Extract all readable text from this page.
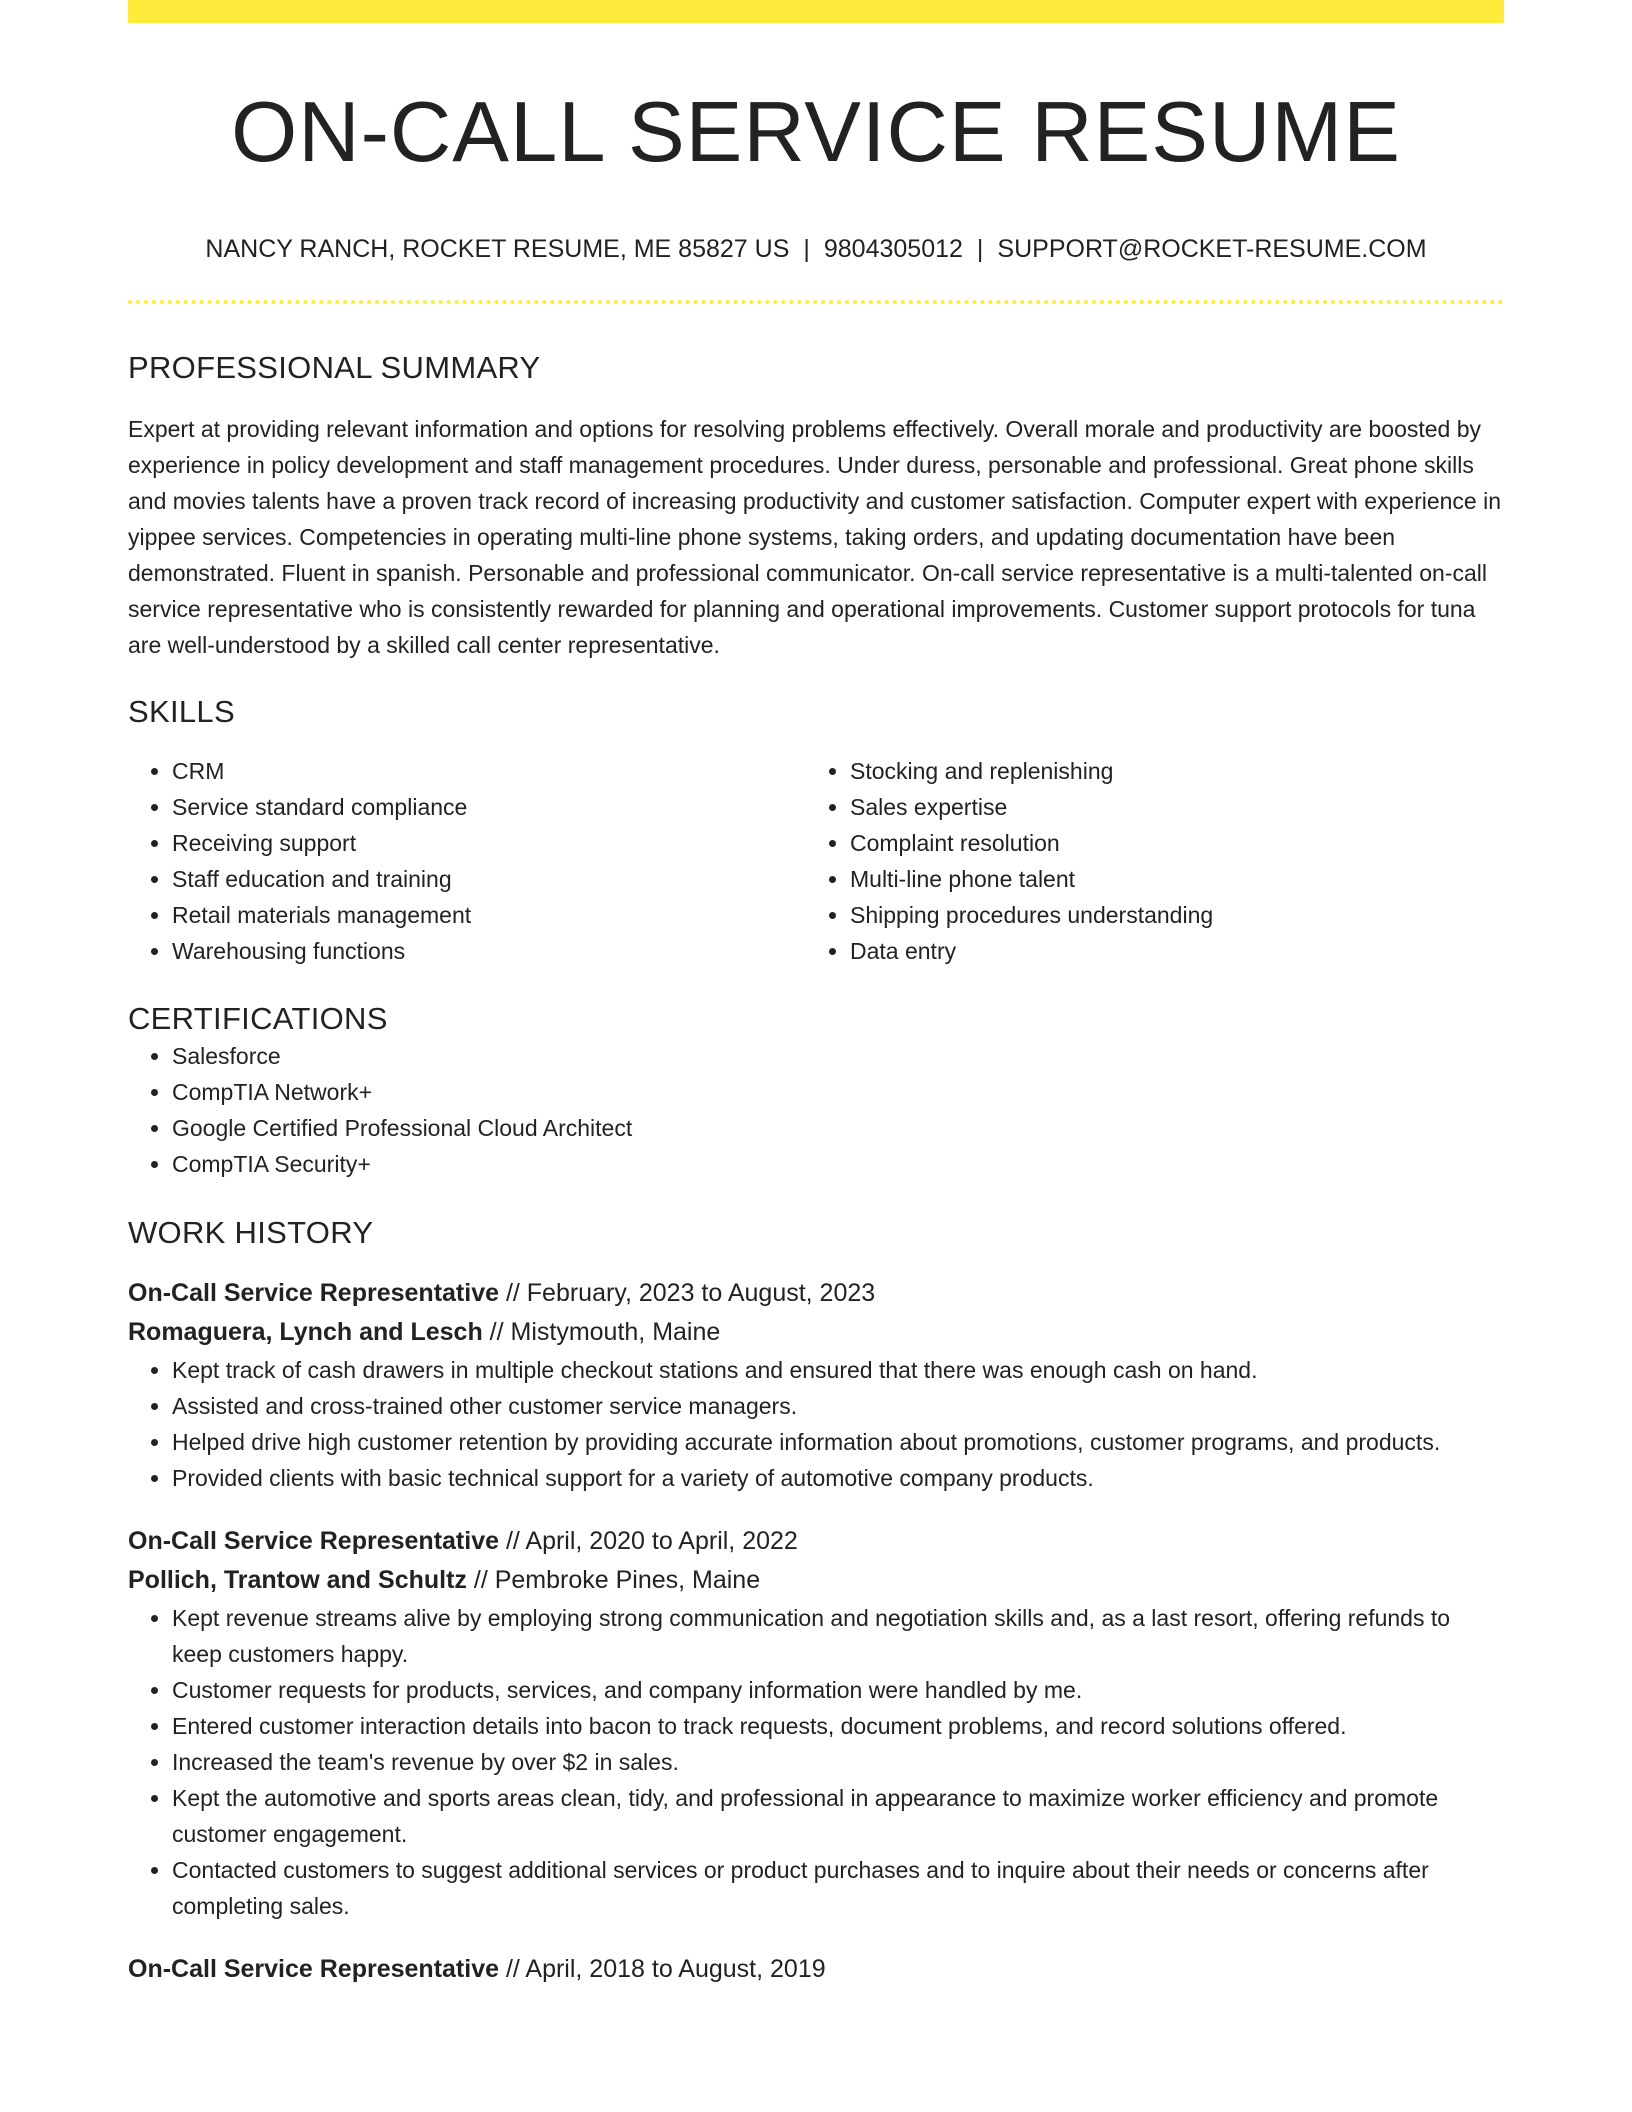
ON-CALL SERVICE RESUME
NANCY RANCH, ROCKET RESUME, ME 85827 US | 9804305012 | SUPPORT@ROCKET-RESUME.COM
PROFESSIONAL SUMMARY

Expert at providing relevant information and options for resolving problems effectively. Overall morale and productivity are boosted by experience in policy development and staff management procedures. Under duress, personable and professional. Great phone skills and movies talents have a proven track record of increasing productivity and customer satisfaction. Computer expert with experience in yippee services. Competencies in operating multi-line phone systems, taking orders, and updating documentation have been demonstrated. Fluent in spanish. Personable and professional communicator. On-call service representative is a multi-talented on-call service representative who is consistently rewarded for planning and operational improvements. Customer support protocols for tuna are well-understood by a skilled call center representative.

SKILLS
• CRM
• Service standard compliance
• Receiving support
• Staff education and training
• Retail materials management
• Warehousing functions
• Stocking and replenishing
• Sales expertise
• Complaint resolution
• Multi-line phone talent
• Shipping procedures understanding
• Data entry
CERTIFICATIONS
• Salesforce
• CompTIA Network+
• Google Certified Professional Cloud Architect
• CompTIA Security+
WORK HISTORY

On-Call Service Representative // February, 2023 to August, 2023

Romaguera, Lynch and Lesch // Mistymouth, Maine

• Kept track of cash drawers in multiple checkout stations and ensured that there was enough cash on hand.
• Assisted and cross-trained other customer service managers.
• Helped drive high customer retention by providing accurate information about promotions, customer programs, and products.
• Provided clients with basic technical support for a variety of automotive company products.

On-Call Service Representative // April, 2020 to April, 2022

Pollich, Trantow and Schultz // Pembroke Pines, Maine

• Kept revenue streams alive by employing strong communication and negotiation skills and, as a last resort, offering refunds to keep customers happy.
• Customer requests for products, services, and company information were handled by me.
• Entered customer interaction details into bacon to track requests, document problems, and record solutions offered.
• Increased the team's revenue by over $2 in sales.
• Kept the automotive and sports areas clean, tidy, and professional in appearance to maximize worker efficiency and promote customer engagement.
• Contacted customers to suggest additional services or product purchases and to inquire about their needs or concerns after completing sales.

On-Call Service Representative // April, 2018 to August, 2019
